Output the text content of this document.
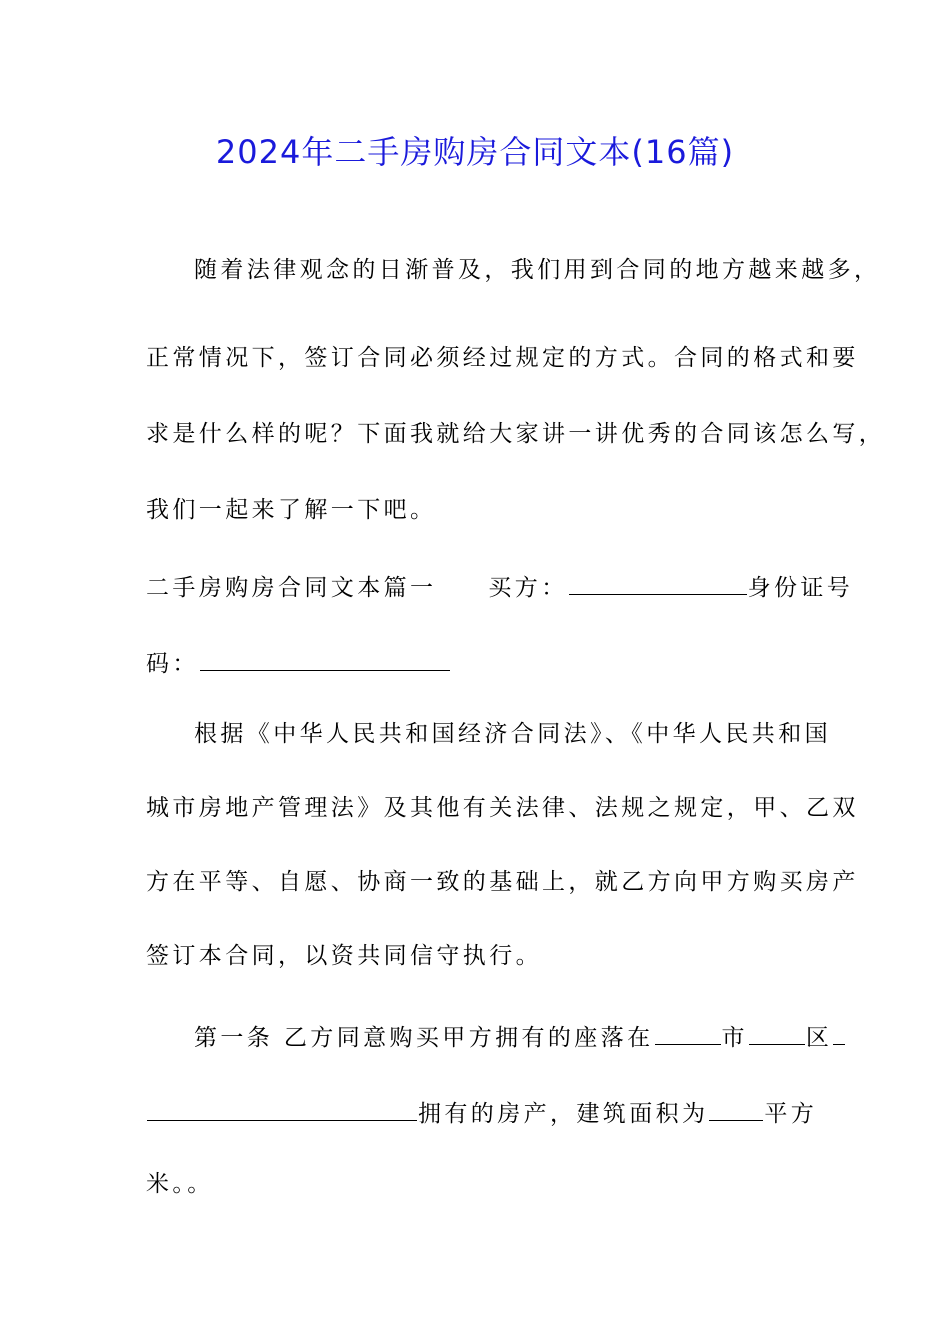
2024年二手房购房合同文本(16篇)
随着法律观念的日渐普及，我们用到合同的地方越来越多，
正常情况下，签订合同必须经过规定的方式。合同的格式和要
求是什么样的呢？下面我就给大家讲一讲优秀的合同该怎么写，
我们一起来了解一下吧。
二手房购房合同文本篇一 买方：	身份证号
码：
根据《中华人民共和国经济合同法》、《中华人民共和国
城市房地产管理法》及其他有关法律、法规之规定，甲、乙双
方在平等、自愿、协商一致的基础上，就乙方向甲方购买房产
签订本合同，以资共同信守执行。
第一条 乙方同意购买甲方拥有的座落在	市	区
拥有的房产，建筑面积为 平方
米。。
